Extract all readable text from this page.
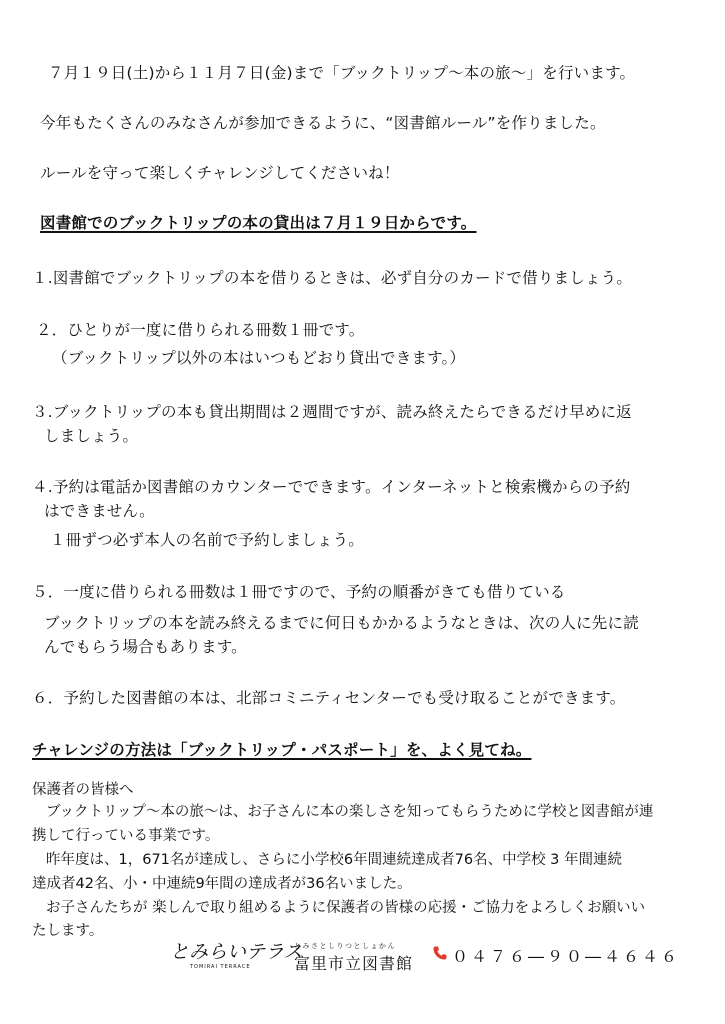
７月１９日(土)から１１月７日(金)まで「ブックトリップ～本の旅～」を行います。
今年もたくさんのみなさんが参加できるように、“図書館ルール”を作りました。
ルールを守って楽しくチャレンジしてくださいね！
図書館でのブックトリップの本の貸出は７月１９日からです。
１.図書館でブックトリップの本を借りるときは、必ず自分のカードで借りましょう。
２．ひとりが一度に借りられる冊数１冊です。
（ブックトリップ以外の本はいつもどおり貸出できます。）
３.ブックトリップの本も貸出期間は２週間ですが、読み終えたらできるだけ早めに返
しましょう。
４.予約は電話か図書館のカウンターでできます。インターネットと検索機からの予約
はできません。
１冊ずつ必ず本人の名前で予約しましょう。
５．一度に借りられる冊数は１冊ですので、予約の順番がきても借りている
ブックトリップの本を読み終えるまでに何日もかかるようなときは、次の人に先に読
んでもらう場合もあります。
６．予約した図書館の本は、北部コミニティセンターでも受け取ることができます。
チャレンジの方法は「ブックトリップ・パスポート」を、よく見てね。
保護者の皆様へ
ブックトリップ～本の旅～は、お子さんに本の楽しさを知ってもらうために学校と図書館が連
携して行っている事業です。
昨年度は、1，671名が達成し、さらに小学校6年間連続達成者76名、中学校 3 年間連続
達成者42名、小・中連続9年間の達成者が36名いました。
お子さんたちが 楽しんで取り組めるように保護者の皆様の応援・ご協力をよろしくお願いい
たします。
とみらいテラス
TOMIRAI TERRACE
とみさとしりつとしょかん
富里市立図書館 ０４７６―９０―４６４６
